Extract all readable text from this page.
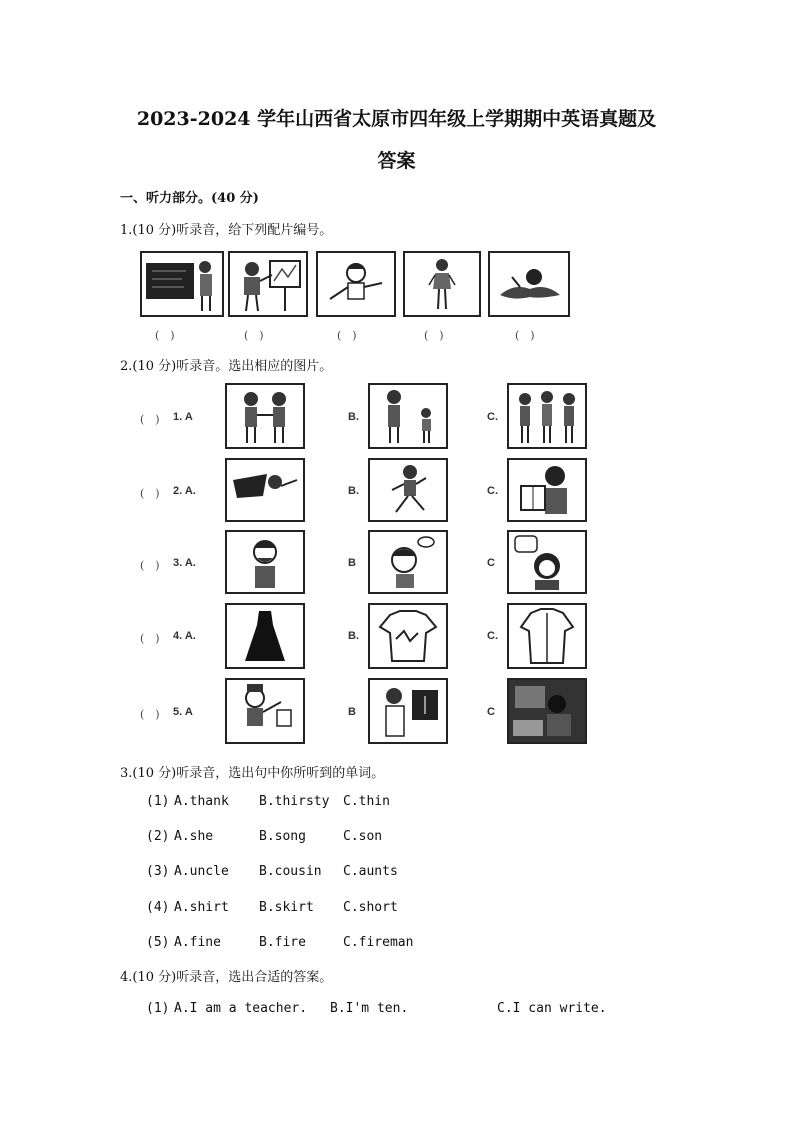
2023-2024 学年山西省太原市四年级上学期期中英语真题及
答案
一、听力部分。(40 分)
1.(10 分)听录音，给下列配片编号。
(　)	(　)	(　)	(　)	(　)
2.(10 分)听录音。选出相应的图片。
(　) 1. A	B.	C.
(　) 2. A.	B.	C.
(　) 3. A.	B	C
(　) 4. A.	B.	C.
(　) 5. A	B	C
3.(10 分)听录音，选出句中你所听到的单词。
(1) A.thank B.thirsty C.thin
(2) A.she	B.song	C.son
(3) A.uncle B.cousin C.aunts
(4) A.shirt B.skirt C.short
(5) A.fine	B.fire	C.fireman
4.(10 分)听录音，选出合适的答案。
(1) A.I am a teacher. B.I'm ten.	C.I can write.
